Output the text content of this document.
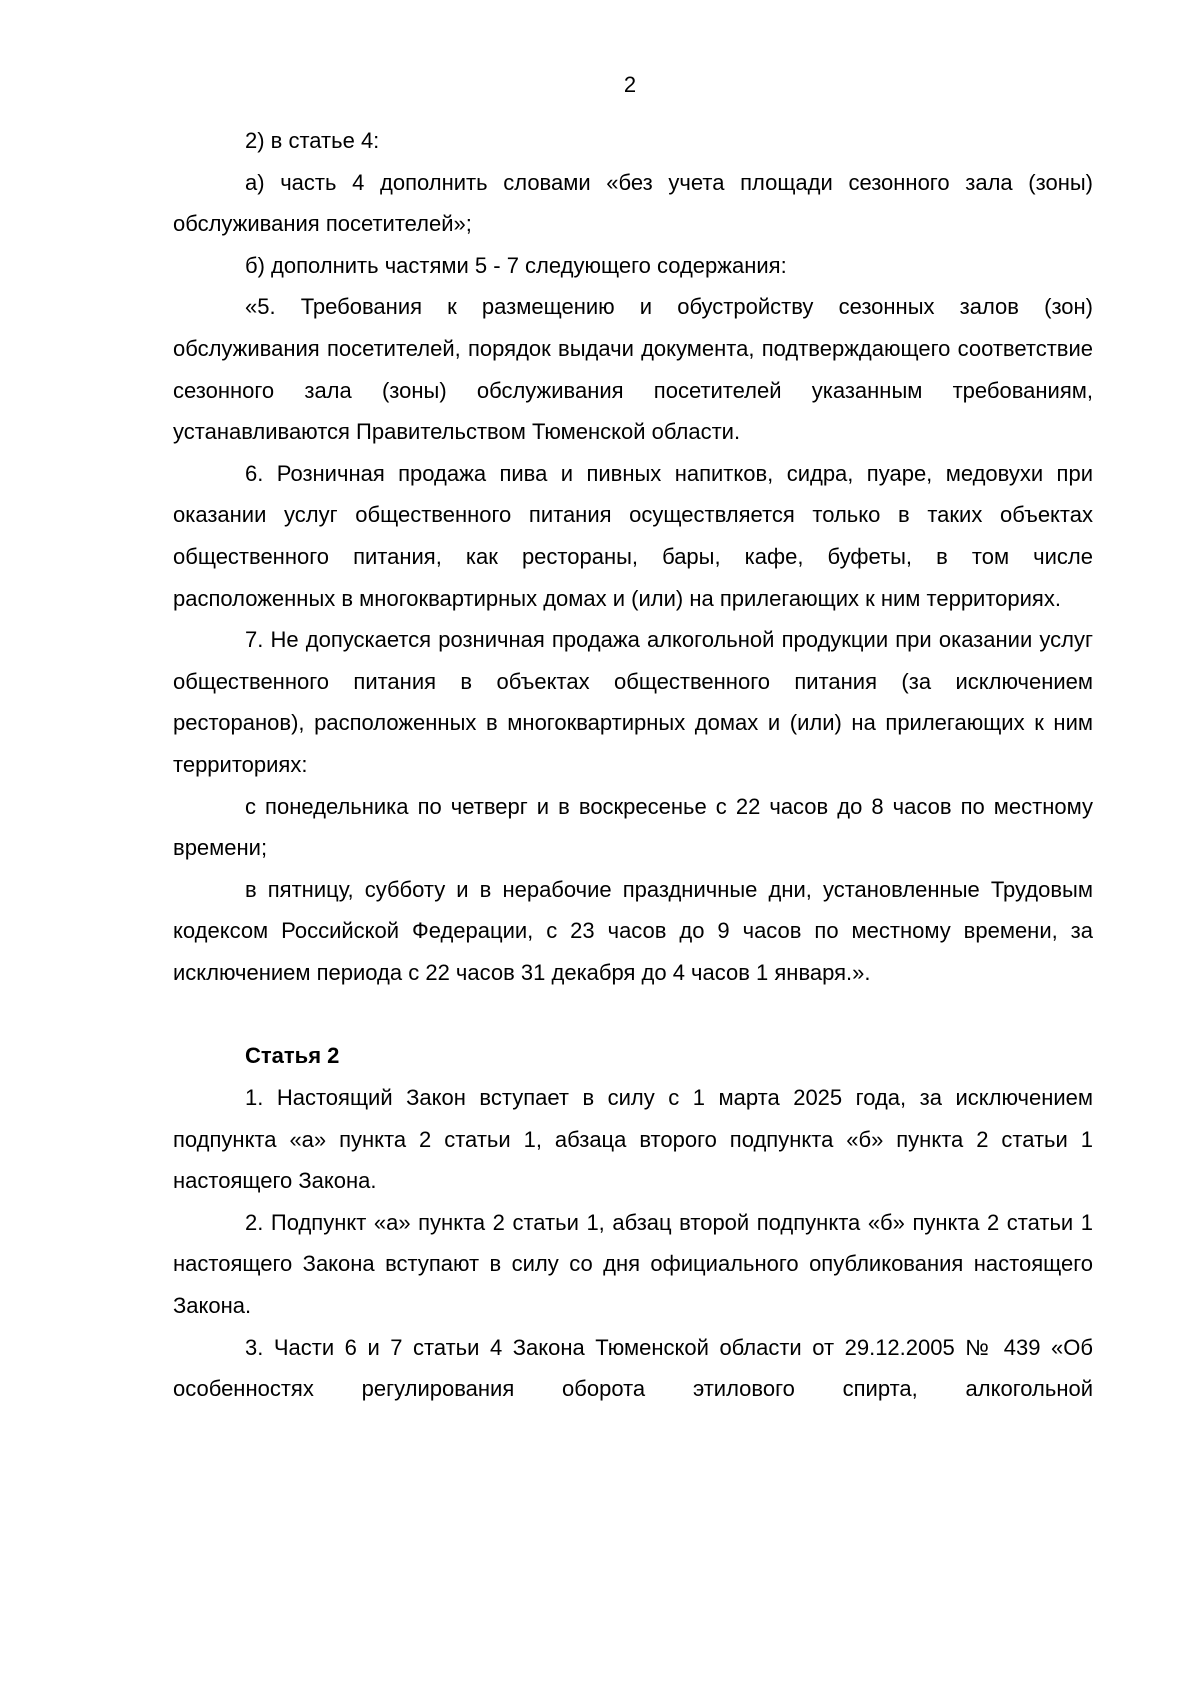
2

2) в статье 4:

а) часть 4 дополнить словами «без учета площади сезонного зала (зоны) обслуживания посетителей»;

б) дополнить частями 5 - 7 следующего содержания:

«5. Требования к размещению и обустройству сезонных залов (зон) обслуживания посетителей, порядок выдачи документа, подтверждающего соответствие сезонного зала (зоны) обслуживания посетителей указанным требованиям, устанавливаются Правительством Тюменской области.

6. Розничная продажа пива и пивных напитков, сидра, пуаре, медовухи при оказании услуг общественного питания осуществляется только в таких объектах общественного питания, как рестораны, бары, кафе, буфеты, в том числе расположенных в многоквартирных домах и (или) на прилегающих к ним территориях.

7. Не допускается розничная продажа алкогольной продукции при оказании услуг общественного питания в объектах общественного питания (за исключением ресторанов), расположенных в многоквартирных домах и (или) на прилегающих к ним территориях:

с понедельника по четверг и в воскресенье с 22 часов до 8 часов по местному времени;

в пятницу, субботу и в нерабочие праздничные дни, установленные Трудовым кодексом Российской Федерации, с 23 часов до 9 часов по местному времени, за исключением периода с 22 часов 31 декабря до 4 часов 1 января.».

Статья 2

1. Настоящий Закон вступает в силу с 1 марта 2025 года, за исключением подпункта «а» пункта 2 статьи 1, абзаца второго подпункта «б» пункта 2 статьи 1 настоящего Закона.

2. Подпункт «а» пункта 2 статьи 1, абзац второй подпункта «б» пункта 2 статьи 1 настоящего Закона вступают в силу со дня официального опубликования настоящего Закона.

3. Части 6 и 7 статьи 4 Закона Тюменской области от 29.12.2005 № 439 «Об особенностях регулирования оборота этилового спирта, алкогольной
